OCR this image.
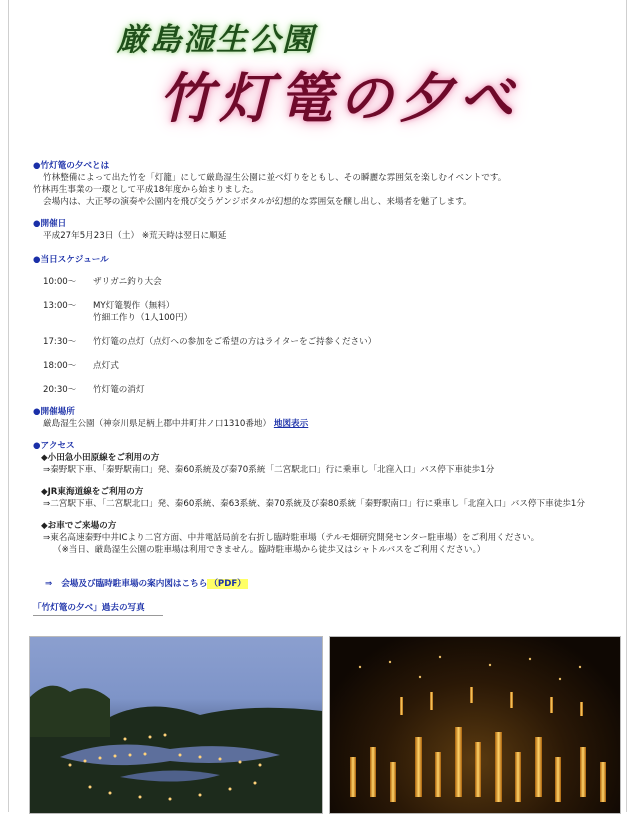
厳島湿生公園
竹灯篭の夕べ
●竹灯篭の夕べとは
竹林整備によって出た竹を「灯籠」にして厳島湿生公園に並べ灯りをともし、その瞬麗な雰囲気を楽しむイベントです。
竹林再生事業の一環として平成18年度から始まりました。
会場内は、大正琴の演奏や公園内を飛び交うゲンジボタルが幻想的な雰囲気を醸し出し、来場者を魅了します。
●開催日
平成27年5月23日（土） ※荒天時は翌日に順延
●当日スケジュール
10:00～	ザリガニ釣り大会
13:00～	MY灯篭製作（無料）
竹細工作り（1人100円）
17:30～	竹灯篭の点灯（点灯への参加をご希望の方はライターをご持参ください）
18:00～	点灯式
20:30～	竹灯篭の消灯
●開催場所
厳島湿生公園（神奈川県足柄上郡中井町井ノ口1310番地） 地図表示
●アクセス
◆小田急小田原線をご利用の方
⇒秦野駅下車、「秦野駅南口」発、秦60系統及び秦70系統「二宮駅北口」行に乗車し「北窪入口」バス停下車徒歩1分
◆JR東海道線をご利用の方
⇒二宮駅下車、「二宮駅北口」発、秦60系統、秦63系統、秦70系統及び秦80系統「秦野駅南口」行に乗車し「北窪入口」バス停下車徒歩1分
◆お車でご来場の方
⇒東名高速秦野中井ICより二宮方面、中井電話局前を右折し臨時駐車場（テルモ畑研究開発センター駐車場）をご利用ください。
（※当日、厳島湿生公園の駐車場は利用できません。臨時駐車場から徒歩又はシャトルバスをご利用ください。）
⇒ 会場及び臨時駐車場の案内図はこちら （PDF）
「竹灯篭の夕べ」過去の写真
